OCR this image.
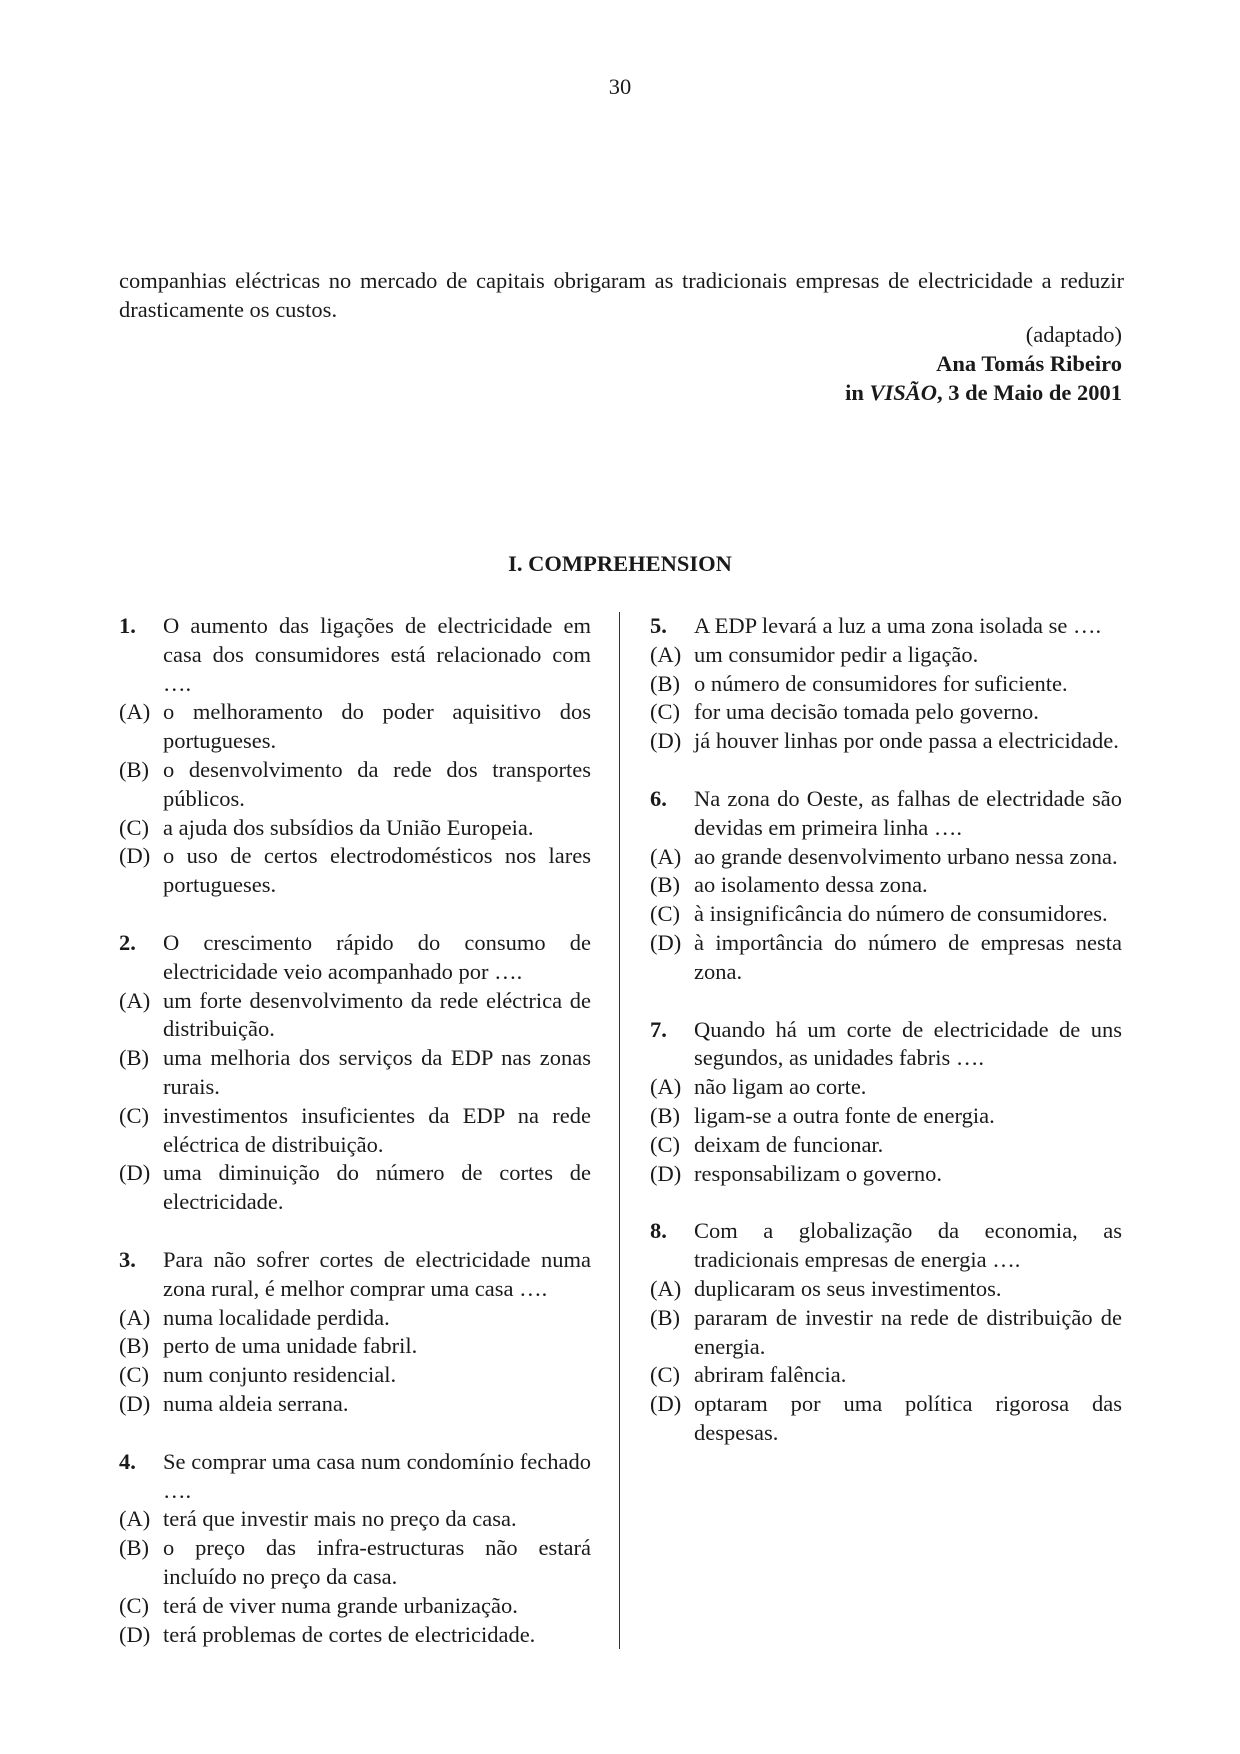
30
companhias eléctricas no mercado de capitais obrigaram as tradicionais empresas de electricidade a reduzir drasticamente os custos.
(adaptado)
Ana Tomás Ribeiro
in VISÃO, 3 de Maio de 2001
I. COMPREHENSION
1.	O aumento das ligações de electricidade em casa dos consumidores está relacionado com ….
(A) o melhoramento do poder aquisitivo dos portugueses.
(B) o desenvolvimento da rede dos transportes públicos.
(C) a ajuda dos subsídios da União Europeia.
(D) o uso de certos electrodomésticos nos lares portugueses.
2.	O crescimento rápido do consumo de electricidade veio acompanhado por ….
(A) um forte desenvolvimento da rede eléctrica de distribuição.
(B) uma melhoria dos serviços da EDP nas zonas rurais.
(C) investimentos insuficientes da EDP na rede eléctrica de distribuição.
(D) uma diminuição do número de cortes de electricidade.
3.	Para não sofrer cortes de electricidade numa zona rural, é melhor comprar uma casa ….
(A) numa localidade perdida.
(B) perto de uma unidade fabril.
(C) num conjunto residencial.
(D) numa aldeia serrana.
4.	Se comprar uma casa num condomínio fechado ….
(A) terá que investir mais no preço da casa.
(B) o preço das infra-estructuras não estará incluído no preço da casa.
(C) terá de viver numa grande urbanização.
(D) terá problemas de cortes de electricidade.
5.	A EDP levará a luz a uma zona isolada se ….
(A) um consumidor pedir a ligação.
(B) o número de consumidores for suficiente.
(C) for uma decisão tomada pelo governo.
(D) já houver linhas por onde passa a electricidade.
6.	Na zona do Oeste, as falhas de electridade são devidas em primeira linha ….
(A) ao grande desenvolvimento urbano nessa zona.
(B) ao isolamento dessa zona.
(C) à insignificância do número de consumidores.
(D) à importância do número de empresas nesta zona.
7.	Quando há um corte de electricidade de uns segundos, as unidades fabris ….
(A) não ligam ao corte.
(B) ligam-se a outra fonte de energia.
(C) deixam de funcionar.
(D) responsabilizam o governo.
8.	Com a globalização da economia, as tradicionais empresas de energia ….
(A) duplicaram os seus investimentos.
(B) pararam de investir na rede de distribuição de energia.
(C) abriram falência.
(D) optaram por uma política rigorosa das despesas.
